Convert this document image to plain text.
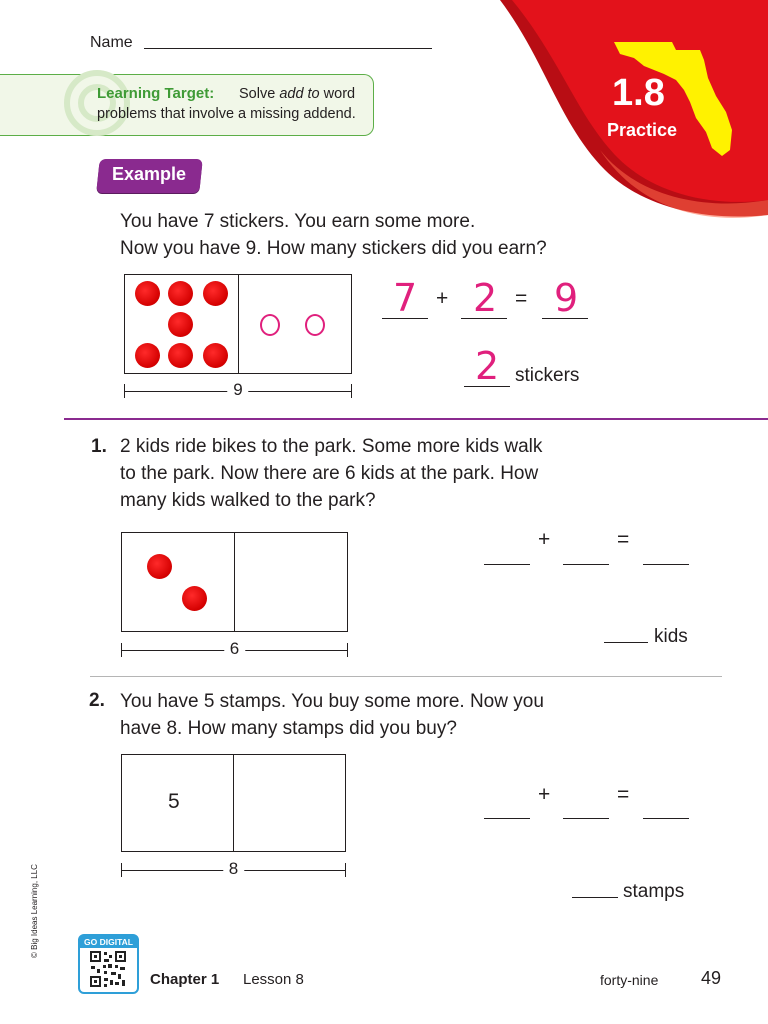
1.8
Practice
Name
Learning Target: Solve add to word
problems that involve a missing addend.
Example
You have 7 stickers. You earn some more.
Now you have 9. How many stickers did you earn?
9
7 + 2 = 9
2 stickers
1. 2 kids ride bikes to the park. Some more kids walk
to the park. Now there are 6 kids at the park. How
many kids walked to the park?
6
+	=
kids
2. You have 5 stamps. You buy some more. Now you
have 8. How many stamps did you buy?
5
8
+	=
stamps
© Big Ideas Learning, LLC	GO DIGITAL
Chapter 1 Lesson 8	forty-nine 49
